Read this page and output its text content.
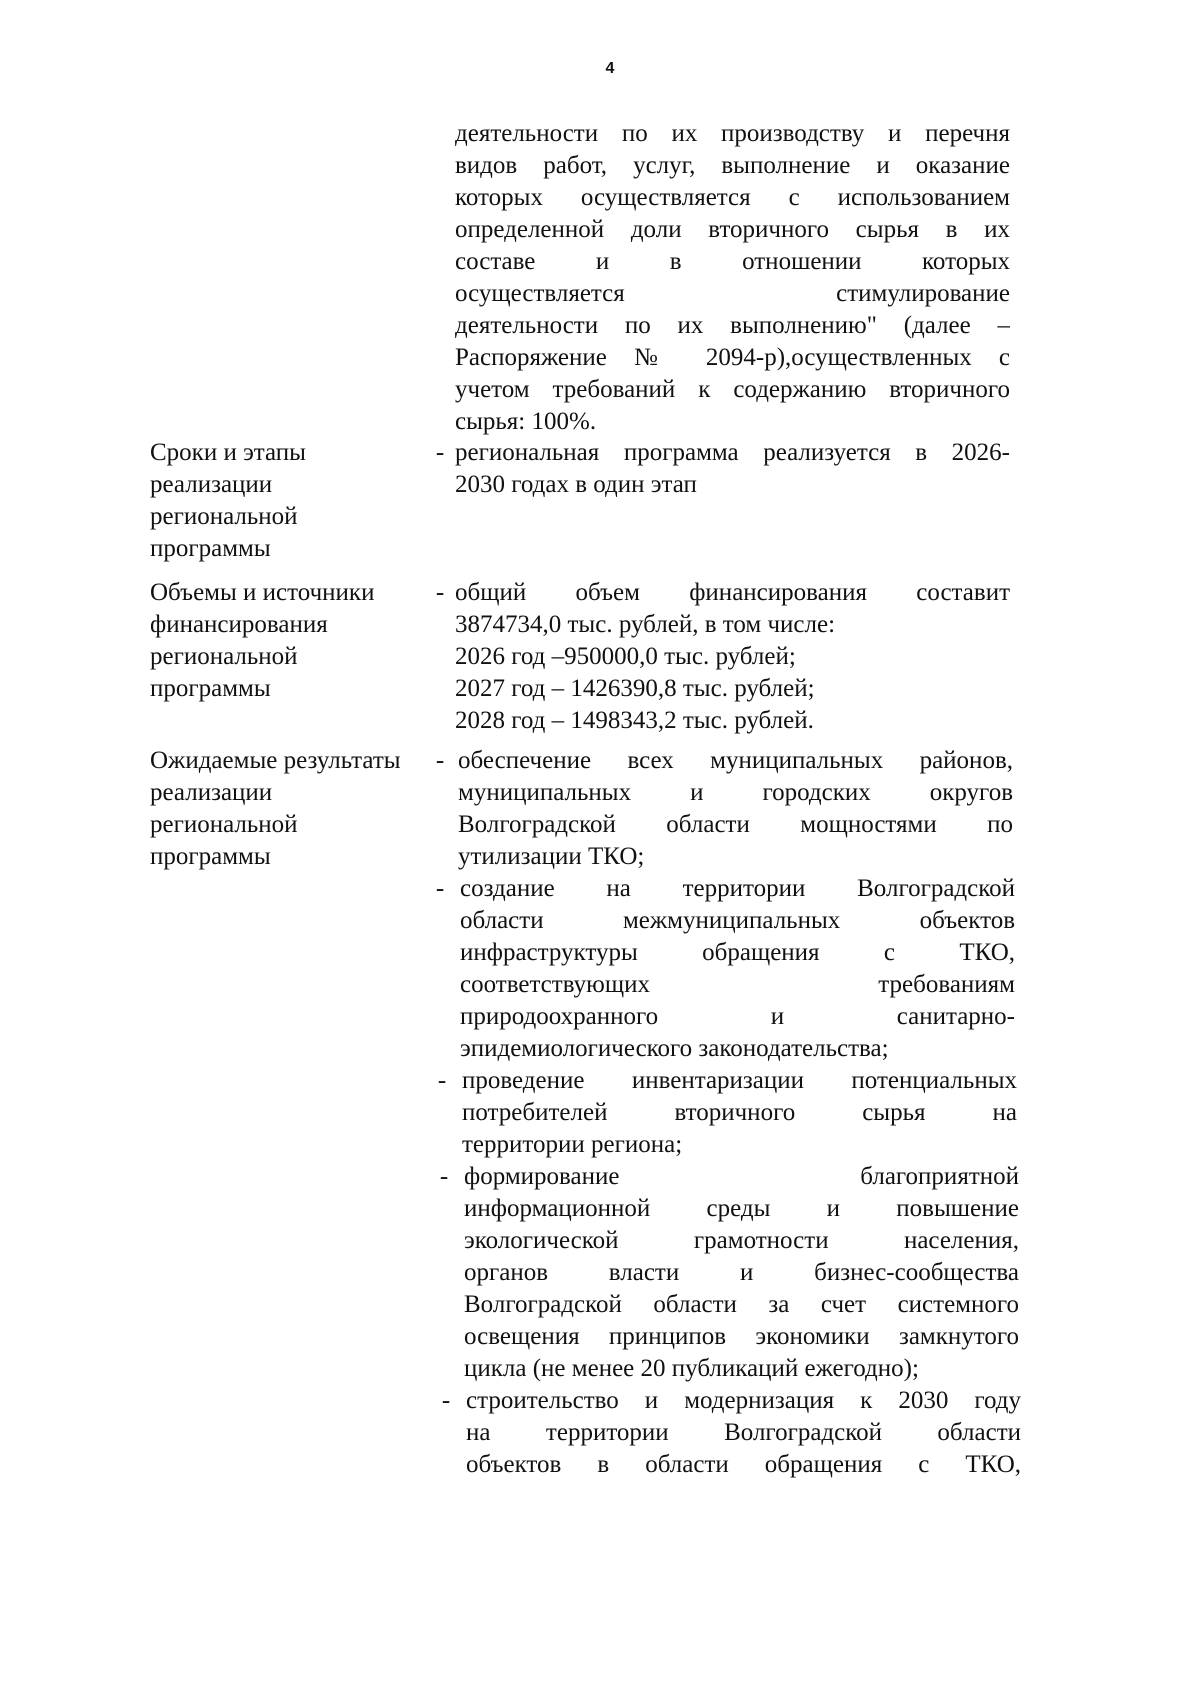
4
деятельности по их производству и перечня
видов работ, услуг, выполнение и оказание
которых осуществляется с использованием
определенной доли вторичного сырья в их
составе и в отношении которых
осуществляется стимулирование
деятельности по их выполнению" (далее –
Распоряжение № 2094-р),осуществленных с
учетом требований к содержанию вторичного
сырья: 100%.
Сроки и этапы
реализации
региональной
программы
- региональная программа реализуется в 2026-
2030 годах в один этап
Объемы и источники
финансирования
региональной
программы
- общий объем финансирования составит
3874734,0 тыс. рублей, в том числе:
2026 год –950000,0 тыс. рублей;
2027 год – 1426390,8 тыс. рублей;
2028 год – 1498343,2 тыс. рублей.
Ожидаемые результаты
реализации
региональной
программы
- обеспечение всех муниципальных районов,
муниципальных и городских округов
Волгоградской области мощностями по
утилизации ТКО;
- создание на территории Волгоградской
области межмуниципальных объектов
инфраструктуры обращения с ТКО,
соответствующих требованиям
природоохранного и санитарно-
эпидемиологического законодательства;
- проведение инвентаризации потенциальных
потребителей вторичного сырья на
территории региона;
- формирование благоприятной
информационной среды и повышение
экологической грамотности населения,
органов власти и бизнес-сообщества
Волгоградской области за счет системного
освещения принципов экономики замкнутого
цикла (не менее 20 публикаций ежегодно);
- строительство и модернизация к 2030 году
на территории Волгоградской области
объектов в области обращения с ТКО,
